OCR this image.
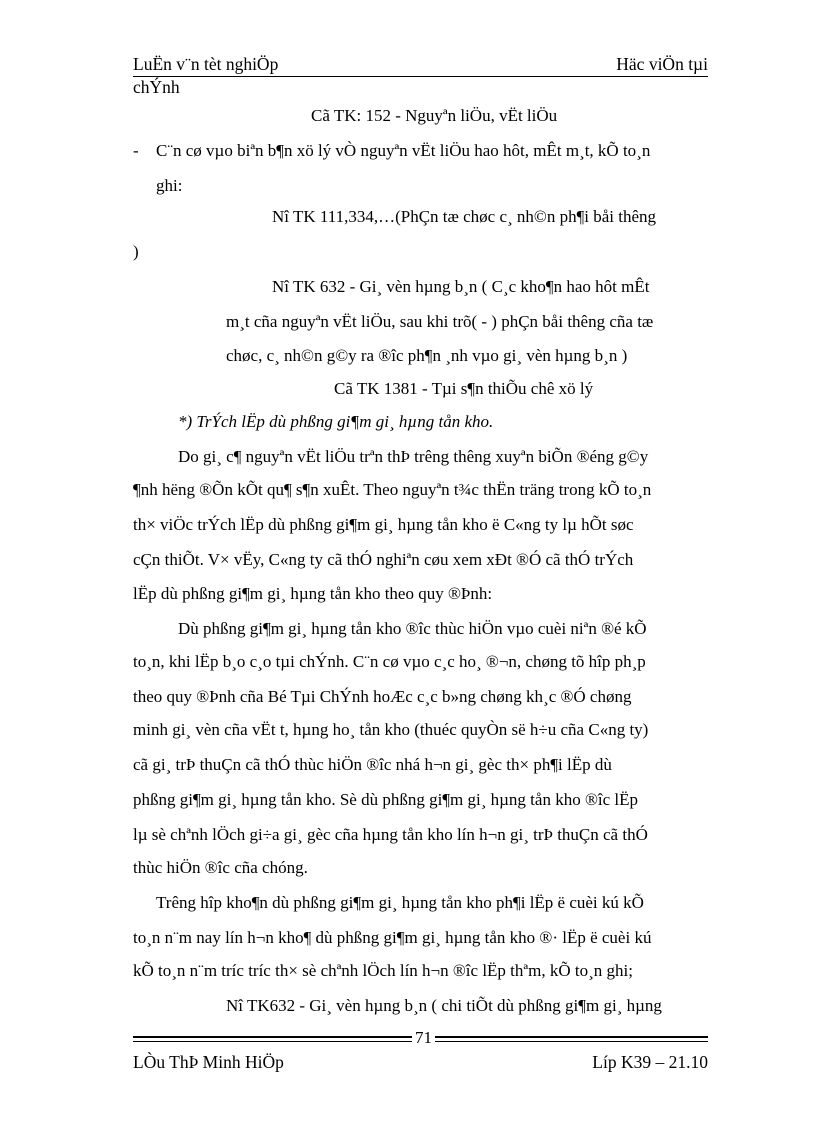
LuËn v¨n tèt nghiÖp	Häc viÖn tµi
chÝnh
Cã TK: 152 - Nguyªn liÖu, vËt liÖu
- C¨n cø vµo biªn b¶n xö lý vÒ nguyªn vËt liÖu hao hôt, mÊt m¸t, kÕ to¸n
ghi:
Nî TK 111,334,…(PhÇn tæ chøc c¸ nh©n ph¶i båi thêng
)
Nî TK 632 - Gi¸ vèn hµng b¸n ( C¸c kho¶n hao hôt mÊt
m¸t cña nguyªn vËt liÖu, sau khi trõ( - ) phÇn båi thêng cña tæ
chøc, c¸ nh©n g©y ra ®îc ph¶n ¸nh vµo gi¸ vèn hµng b¸n )
Cã TK 1381 - Tµi s¶n thiÕu chê xö lý
*) TrÝch lËp dù phßng gi¶m gi¸ hµng tån kho.
Do gi¸ c¶ nguyªn vËt liÖu trªn thÞ trêng thêng xuyªn biÕn ®éng g©y
¶nh hëng ®Õn kÕt qu¶ s¶n xuÊt. Theo nguyªn t¾c thËn träng trong kÕ to¸n
th× viÖc trÝch lËp dù phßng gi¶m gi¸ hµng tån kho ë C«ng ty lµ hÕt søc
cÇn thiÕt. V× vËy, C«ng ty cã thÓ nghiªn cøu xem xÐt ®Ó cã thÓ trÝch
lËp dù phßng gi¶m gi¸ hµng tån kho theo quy ®Þnh:
Dù phßng gi¶m gi¸ hµng tån kho ®îc thùc hiÖn vµo cuèi niªn ®é kÕ
to¸n, khi lËp b¸o c¸o tµi chÝnh. C¨n cø vµo c¸c ho¸ ®¬n, chøng tõ hîp ph¸p
theo quy ®Þnh cña Bé Tµi ChÝnh hoÆc c¸c b»ng chøng kh¸c ®Ó chøng
minh gi¸ vèn cña vËt t, hµng ho¸ tån kho (thuéc quyÒn së h÷u cña C«ng ty)
cã gi¸ trÞ thuÇn cã thÓ thùc hiÖn ®îc nhá h¬n gi¸ gèc th× ph¶i lËp dù
phßng gi¶m gi¸ hµng tån kho. Sè dù phßng gi¶m gi¸ hµng tån kho ®îc lËp
lµ sè chªnh lÖch gi÷a gi¸ gèc cña hµng tån kho lín h¬n gi¸ trÞ thuÇn cã thÓ
thùc hiÖn ®îc cña chóng.
Trêng hîp kho¶n dù phßng gi¶m gi¸ hµng tån kho ph¶i lËp ë cuèi kú kÕ
to¸n n¨m nay lín h¬n kho¶ dù phßng gi¶m gi¸ hµng tån kho ®· lËp ë cuèi kú
kÕ to¸n n¨m tríc tríc th× sè chªnh lÖch lín h¬n ®îc lËp thªm, kÕ to¸n ghi;
Nî TK632 - Gi¸ vèn hµng b¸n ( chi tiÕt dù phßng gi¶m gi¸ hµng
71
LÒu ThÞ Minh HiÖp	Líp K39 – 21.10
